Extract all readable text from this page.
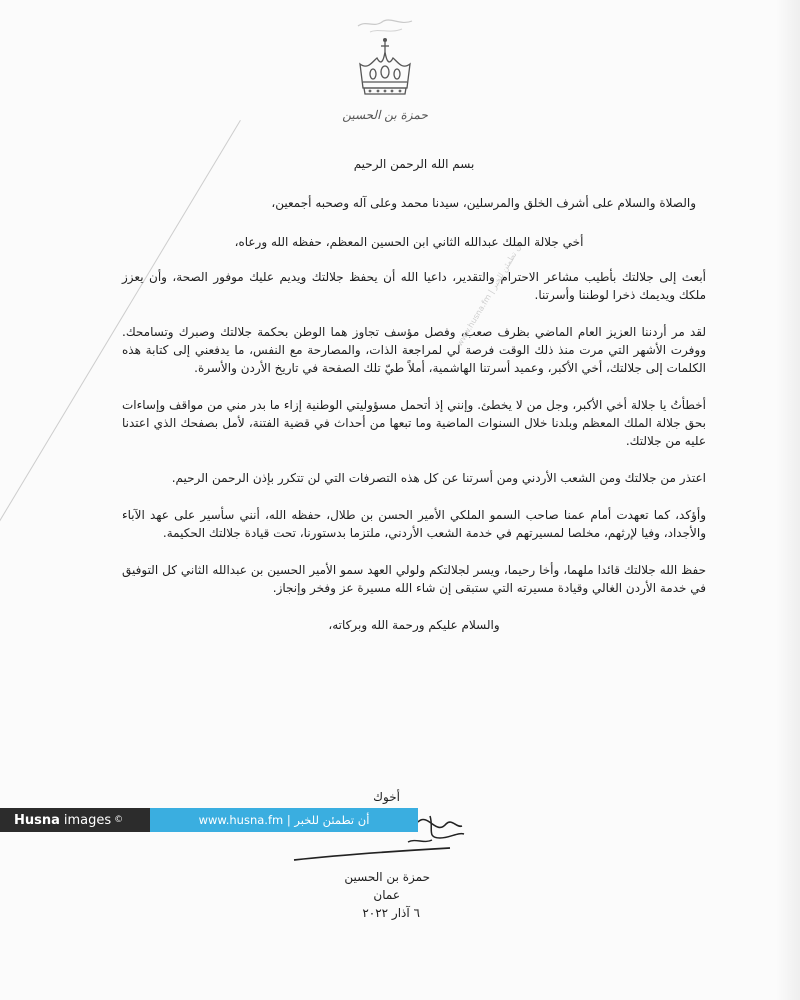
حمزة بن الحسين
www.husna.fm | أن تطمئن للخبر

بسم الله الرحمن الرحيم

والصلاة والسلام على أشرف الخلق والمرسلين، سيدنا محمد وعلى آله وصحبه أجمعين،

أخي جلالة الملك عبدالله الثاني ابن الحسين المعظم، حفظه الله ورعاه،

أبعث إلى جلالتك بأطيب مشاعر الاحترام والتقدير، داعيا الله أن يحفظ جلالتك ويديم عليك موفور الصحة، وأن يعزز ملكك ويديمك ذخرا لوطننا وأسرتنا.

لقد مر أردننا العزيز العام الماضي بظرف صعب، وفصل مؤسف تجاوز هما الوطن بحكمة جلالتك وصبرك وتسامحك. ووفرت الأشهر التي مرت منذ ذلك الوقت فرصة لي لمراجعة الذات، والمصارحة مع النفس، ما يدفعني إلى كتابة هذه الكلمات إلى جلالتك، أخي الأكبر، وعميد أسرتنا الهاشمية، أملاً طيّ تلك الصفحة في تاريخ الأردن والأسرة.

أخطأتُ يا جلالة أخي الأكبر، وجل من لا يخطئ. وإنني إذ أتحمل مسؤوليتي الوطنية إزاء ما بدر مني من مواقف وإساءات بحق جلالة الملك المعظم وبلدنا خلال السنوات الماضية وما تبعها من أحداث في قضية الفتنة، لأمل بصفحك الذي اعتدنا عليه من جلالتك.

اعتذر من جلالتك ومن الشعب الأردني ومن أسرتنا عن كل هذه التصرفات التي لن تتكرر بإذن الرحمن الرحيم.

وأؤكد، كما تعهدت أمام عمنا صاحب السمو الملكي الأمير الحسن بن طلال، حفظه الله، أنني سأسير على عهد الآباء والأجداد، وفيا لإرثهم، مخلصا لمسيرتهم في خدمة الشعب الأردني، ملتزما بدستورنا، تحت قيادة جلالتك الحكيمة.

حفظ الله جلالتك قائدا ملهما، وأخا رحيما، ويسر لجلالتكم ولولي العهد سمو الأمير الحسين بن عبدالله الثاني كل التوفيق في خدمة الأردن الغالي وقيادة مسيرته التي ستبقى إن شاء الله مسيرة عز وفخر وإنجاز.

والسلام عليكم ورحمة الله وبركاته،

أخوك
حمزة بن الحسين
عمان
٦ آذار ٢٠٢٢
Husna images ©	www.husna.fm | أن تطمئن للخبر
